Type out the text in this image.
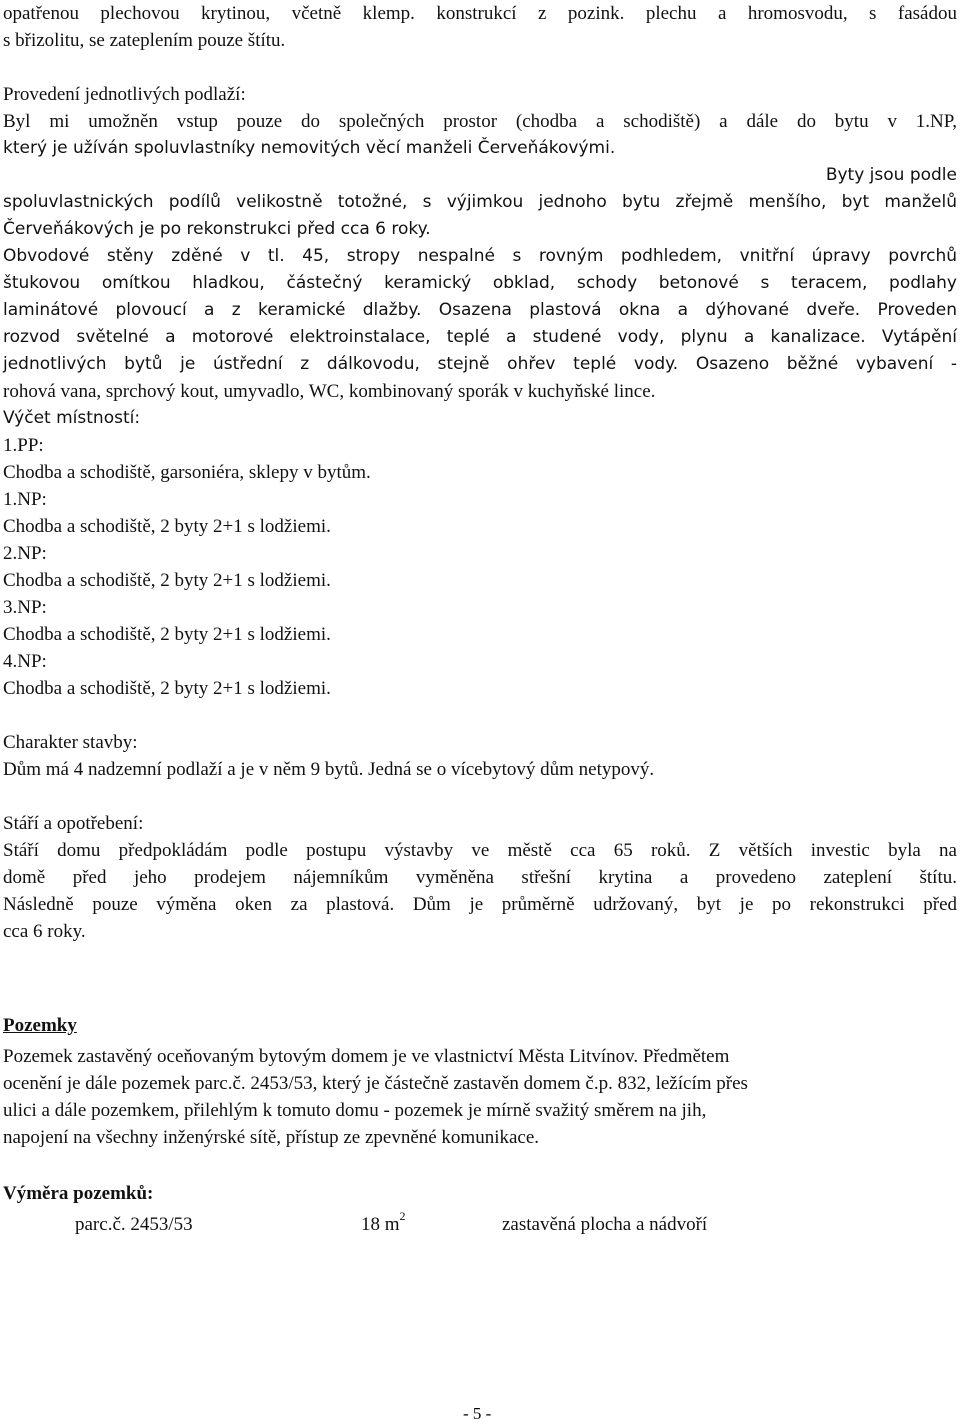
opatřenou plechovou krytinou, včetně klemp. konstrukcí z pozink. plechu a hromosvodu, s fasádou
s břizolitu, se zateplením pouze štítu.
Provedení jednotlivých podlaží:
Byl mi umožněn vstup pouze do společných prostor (chodba a schodiště) a dále do bytu v 1.NP,
který je užíván spoluvlastníky nemovitých věcí manželi Červeňákovými.
Byty jsou podle
spoluvlastnických podílů velikostně totožné, s výjimkou jednoho bytu zřejmě menšího, byt manželů
Červeňákových je po rekonstrukci před cca 6 roky.
Obvodové stěny zděné v tl. 45, stropy nespalné s rovným podhledem, vnitřní úpravy povrchů
štukovou omítkou hladkou, částečný keramický obklad, schody betonové s teracem, podlahy
laminátové plovoucí a z keramické dlažby. Osazena plastová okna a dýhované dveře. Proveden
rozvod světelné a motorové elektroinstalace, teplé a studené vody, plynu a kanalizace. Vytápění
jednotlivých bytů je ústřední z dálkovodu, stejně ohřev teplé vody. Osazeno běžné vybavení -
rohová vana, sprchový kout, umyvadlo, WC, kombinovaný sporák v kuchyňské lince.
Výčet místností:
1.PP:
Chodba a schodiště, garsoniéra, sklepy v bytům.
1.NP:
Chodba a schodiště, 2 byty 2+1 s lodžiemi.
2.NP:
Chodba a schodiště, 2 byty 2+1 s lodžiemi.
3.NP:
Chodba a schodiště, 2 byty 2+1 s lodžiemi.
4.NP:
Chodba a schodiště, 2 byty 2+1 s lodžiemi.
Charakter stavby:
Dům má 4 nadzemní podlaží a je v něm 9 bytů. Jedná se o vícebytový dům netypový.
Stáří a opotřebení:
Stáří domu předpokládám podle postupu výstavby ve městě cca 65 roků. Z větších investic byla na
domě před jeho prodejem nájemníkům vyměněna střešní krytina a provedeno zateplení štítu.
Následně pouze výměna oken za plastová. Dům je průměrně udržovaný, byt je po rekonstrukci před
cca 6 roky.
Pozemky
Pozemek zastavěný oceňovaným bytovým domem je ve vlastnictví Města Litvínov. Předmětem
ocenění je dále pozemek parc.č. 2453/53, který je částečně zastavěn domem č.p. 832, ležícím přes
ulici a dále pozemkem, přilehlým k tomuto domu - pozemek je mírně svažitý směrem na jih,
napojení na všechny inženýrské sítě, přístup ze zpevněné komunikace.
Výměra pozemků:
parc.č. 2453/53	18 $m^2$	zastavěná plocha a nádvoří
- 5 -
